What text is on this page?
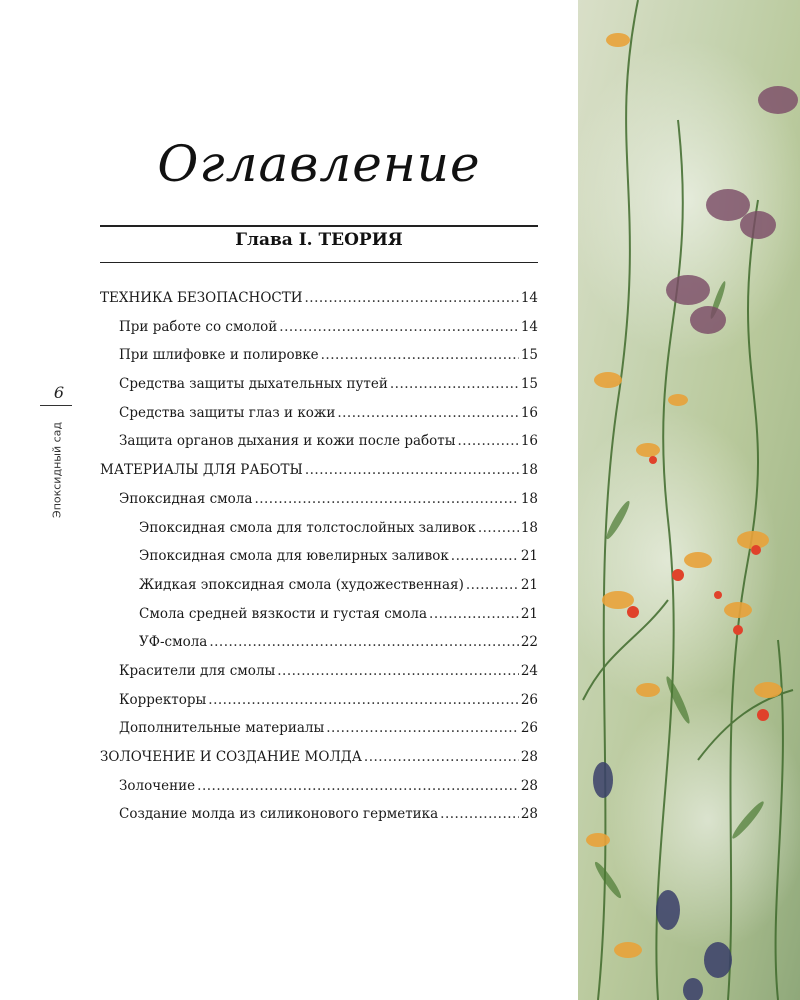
6
Эпоксидный сад
Оглавление
Глава I. ТЕОРИЯ
ТЕХНИКА БЕЗОПАСНОСТИ .....	14
При работе со смолой .....	14
При шлифовке и полировке .....	15
Средства защиты дыхательных путей .....	15
Средства защиты глаз и кожи .....	16
Защита органов дыхания и кожи после работы .....	16
МАТЕРИАЛЫ ДЛЯ РАБОТЫ .....	18
Эпоксидная смола .....	18
Эпоксидная смола для толстослойных заливок .....	18
Эпоксидная смола для ювелирных заливок .....	21
Жидкая эпоксидная смола (художественная) .....	21
Смола средней вязкости и густая смола .....	21
УФ-смола .....	22
Красители для смолы .....	24
Корректоры .....	26
Дополнительные материалы .....	26
ЗОЛОЧЕНИЕ И СОЗДАНИЕ МОЛДА .....	28
Золочение .....	28
Создание молда из силиконового герметика .....	28
